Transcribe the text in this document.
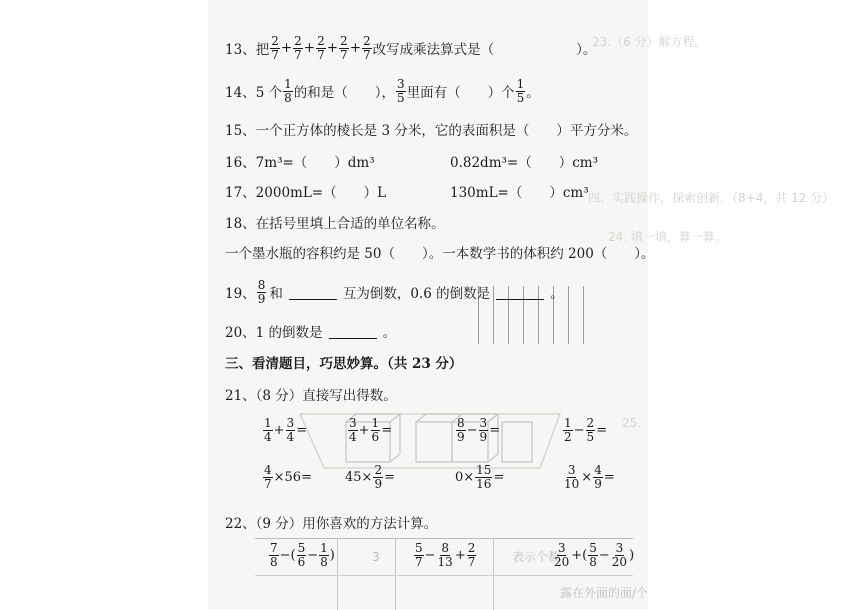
23.（6 分）解方程。
四、实践操作，探索创新。（8+4，共 12 分）
24. 填一填，算一算。
25.
表示个数
露在外面的面/个
3
13、 把 $\frac{2}{7} + \frac{2}{7} + \frac{2}{7} + \frac{2}{7} + \frac{2}{7}$ 改写成乘法算式是（	）。
14、 5 个 $\frac{1}{8}$ 的和是（　　）， $\frac{3}{5}$ 里面有（　　）个 $\frac{1}{5}$ 。
15、一个正方体的棱长是 3 分米，它的表面积是（　　）平方分米。
16、7m³=（　　）dm³	0.82dm³=（　　）cm³
17、2000mL=（　　）L	130mL=（　　）cm³
18、在括号里填上合适的单位名称。
一个墨水瓶的容积约是 50（　　）。一本数学书的体积约 200（　　）。
19、 $\frac{8}{9}$ 和	互为倒数，0.6 的倒数是	。
20、1 的倒数是	。
三、看清题目，巧思妙算。（共 23 分）
21、（8 分）直接写出得数。
$\frac{1}{4} + \frac{3}{4}$ =	$\frac{3}{4} + \frac{1}{6}$ =	$\frac{8}{9} - \frac{3}{9}$ =	$\frac{1}{2} - \frac{2}{5}$ =
$\frac{4}{7} \times 56$ =	$45\times \frac{2}{9}$ =	$0\times \frac{15}{16}$ =	$\frac{3}{10} \times \frac{4}{9}$ =
22、（9 分）用你喜欢的方法计算。
$\frac{7}{8}$ −( $\frac{5}{6} - \frac{1}{8}$ )	$\frac{5}{7} - \frac{8}{13} + \frac{2}{7}$	$\frac{3}{20}$ +( $\frac{5}{8} - \frac{3}{20}$ )
